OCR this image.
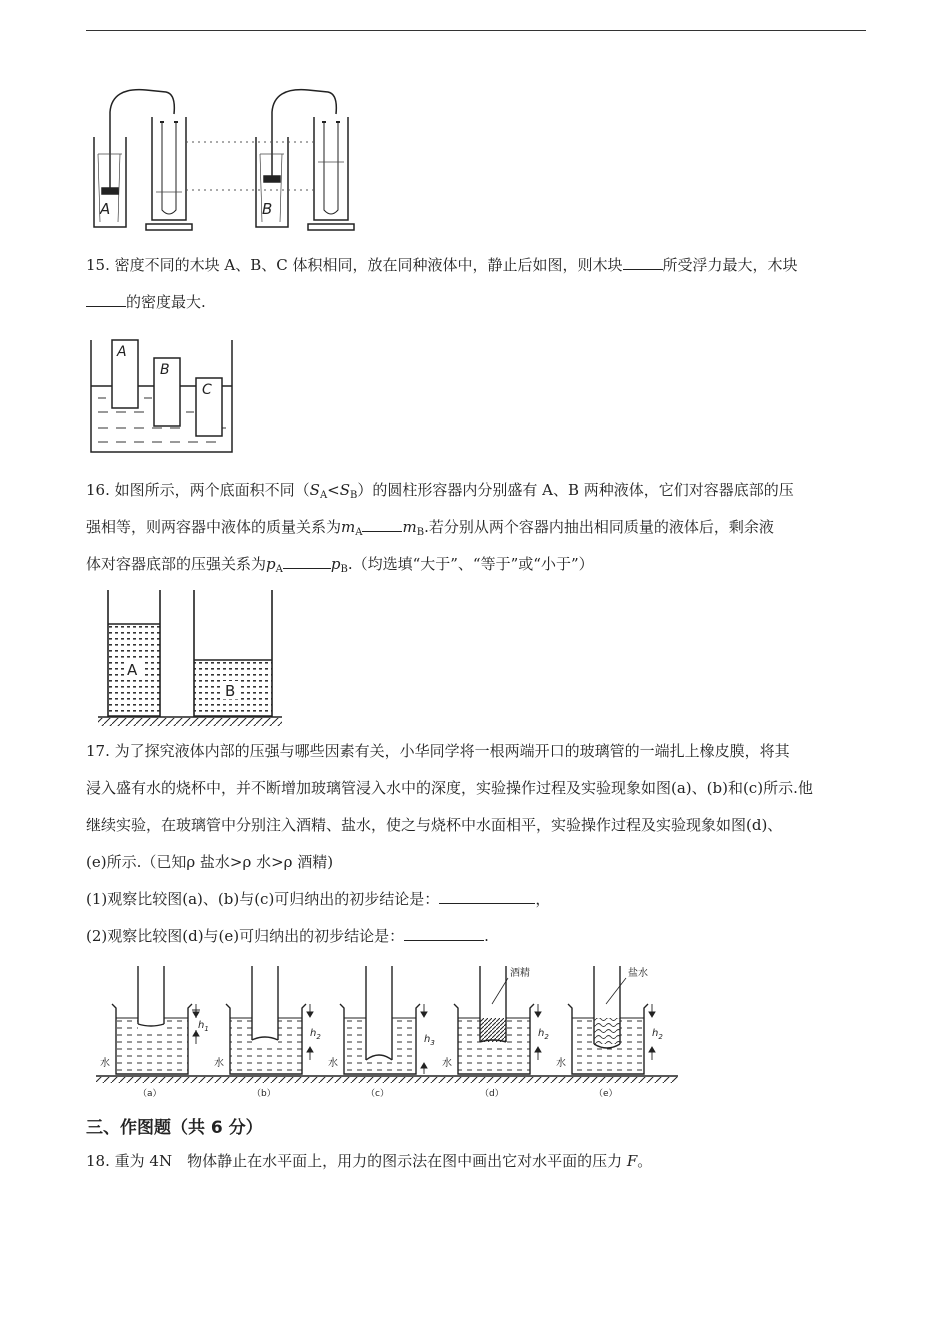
A	B
15. 密度不同的木块 A、B、C 体积相同，放在同种液体中，静止后如图，则木块	所受浮力最大，木块
的密度最大.
A
B
C
16. 如图所示，两个底面积不同$(S_A<S_B)$的圆柱形容器内分别盛有 A、B 两种液体，它们对容器底部的压
强相等，则两容器中液体的质量关系为$m_A$	$m_B$.若分别从两个容器内抽出相同质量的液体后，剩余液
体对容器底部的压强关系为$p_A$	$p_B$.（均选填“大于”、“等于”或“小于”）
A
B
17. 为了探究液体内部的压强与哪些因素有关，小华同学将一根两端开口的玻璃管的一端扎上橡皮膜，将其
浸入盛有水的烧杯中，并不断增加玻璃管浸入水中的深度，实验操作过程及实验现象如图(a)、(b)和(c)所示.他
继续实验，在玻璃管中分别注入酒精、盐水，使之与烧杯中水面相平，实验操作过程及实验现象如图(d)、
(e)所示.（已知ρ 盐水>ρ 水>ρ 酒精)
(1)观察比较图(a)、(b)与(c)可归纳出的初步结论是：	，
(2)观察比较图(d)与(e)可归纳出的初步结论是：	.
$h_1$	$h_2$	$h_3$
$h_2$	$h_2$
水	水	水	水	水
酒精	盐水
（a）	（b）	（c）	（d）	（e）
三、作图题（共 6 分）
18. 重为 4N　物体静止在水平面上，用力的图示法在图中画出它对水平面的压力 F。
